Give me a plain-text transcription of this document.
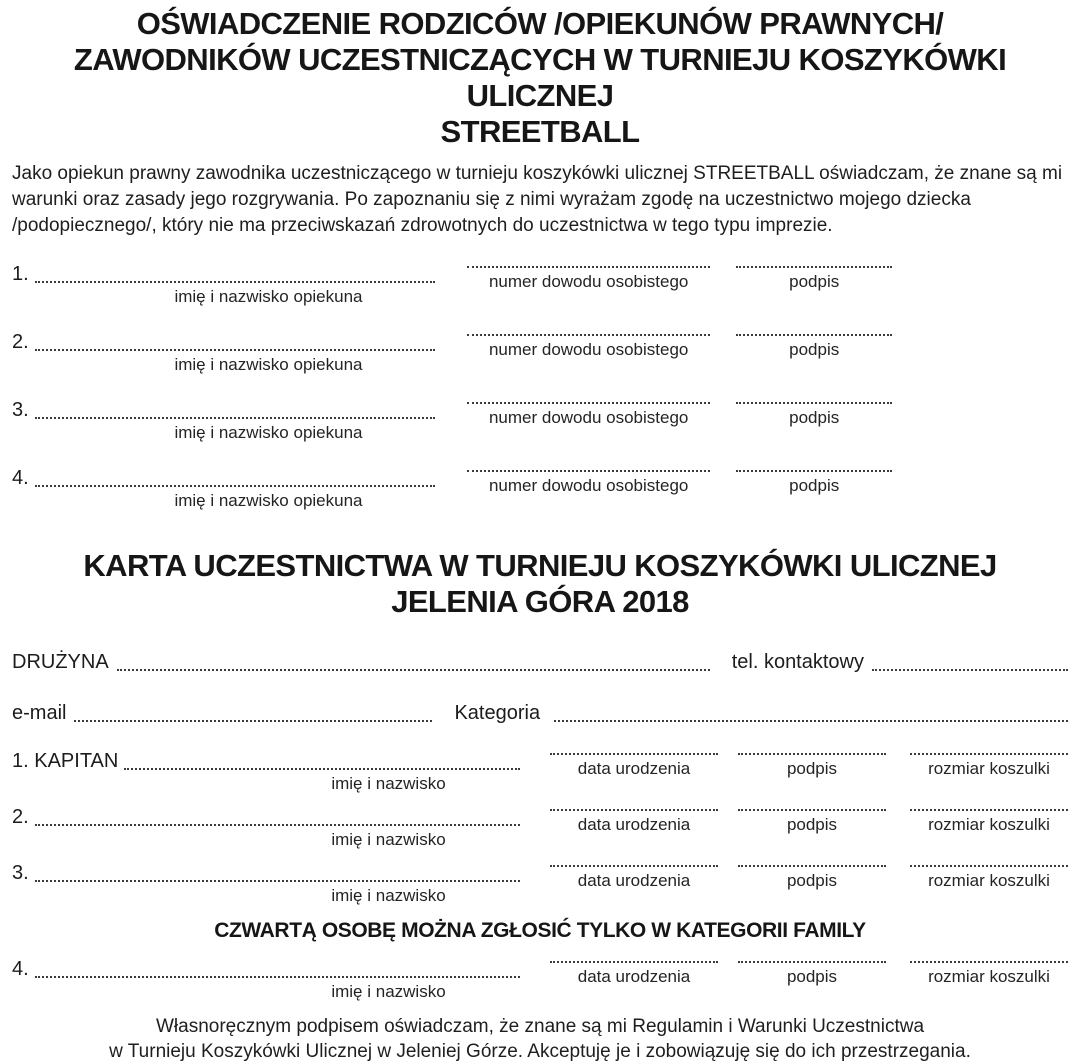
OŚWIADCZENIE RODZICÓW /OPIEKUNÓW PRAWNYCH/
ZAWODNIKÓW UCZESTNICZĄCYCH W TURNIEJU KOSZYKÓWKI ULICZNEJ
STREETBALL

Jako opiekun prawny zawodnika uczestniczącego w turnieju koszykówki ulicznej STREETBALL oświadczam, że znane są mi warunki oraz zasady jego rozgrywania. Po zapoznaniu się z nimi wyrażam zgodę na uczestnictwo mojego dziecka /podopiecznego/, który nie ma przeciwskazań zdrowotnych do uczestnictwa w tego typu imprezie.

1.
imię i nazwisko opiekuna
numer dowodu osobistego	podpis
2.
imię i nazwisko opiekuna
numer dowodu osobistego	podpis
3.
imię i nazwisko opiekuna
numer dowodu osobistego	podpis
4.
imię i nazwisko opiekuna
numer dowodu osobistego	podpis
KARTA UCZESTNICTWA W TURNIEJU KOSZYKÓWKI ULICZNEJ
JELENIA GÓRA 2018
DRUŻYNA	tel. kontaktowy
e-mail	Kategoria
1. KAPITAN
imię i nazwisko
data urodzenia	podpis	rozmiar koszulki
2.
imię i nazwisko
data urodzenia	podpis	rozmiar koszulki
3.
imię i nazwisko
data urodzenia	podpis	rozmiar koszulki
CZWARTĄ OSOBĘ MOŻNA ZGŁOSIĆ TYLKO W KATEGORII FAMILY
4.
imię i nazwisko
data urodzenia	podpis	rozmiar koszulki
Własnoręcznym podpisem oświadczam, że znane są mi Regulamin i Warunki Uczestnictwa
w Turnieju Koszykówki Ulicznej w Jeleniej Górze. Akceptuję je i zobowiązuję się do ich przestrzegania.
